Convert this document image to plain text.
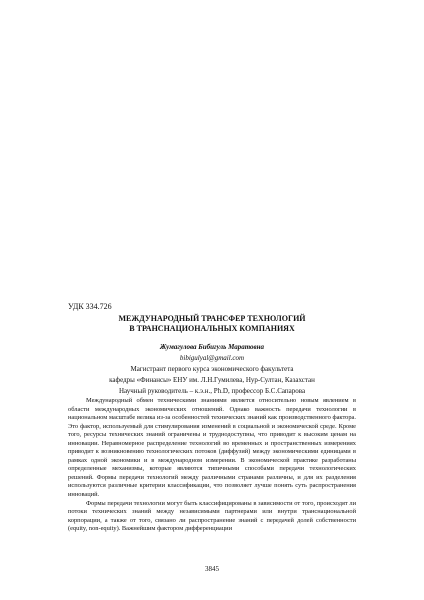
УДК 334.726
МЕЖДУНАРОДНЫЙ ТРАНСФЕР ТЕХНОЛОГИЙ
В ТРАНСНАЦИОНАЛЬНЫХ КОМПАНИЯХ
Жумагулова Бибигуль Маратовна
bibigulyal@gmail.com
Магистрант первого курса экономического факультета
кафедры «Финансы» ЕНУ им. Л.Н.Гумилева, Нур-Султан, Казахстан
Научный руководитель – к.э.н., Ph.D, профессор Б.С.Сапарова

Международный обмен техническими знаниями является относительно новым явлением в области международных экономических отношений. Однако важность передачи технологии в национальном масштабе велика из-за особенностей технических знаний как производственного фактора. Это фактор, используемый для стимулирования изменений в социальной и экономической среде. Кроме того, ресурсы технических знаний ограничены и труднодоступны, что приводит к высоким ценам на инновации. Неравномерное распределение технологий во временных и пространственных измерениях приводит к возникновению технологических потоков (диффузий) между экономическими единицами в рамках одной экономики и в международном измерении. В экономической практике разработаны определенные механизмы, которые являются типичными способами передачи технологических решений. Формы передачи технологий между различными странами различны, и для их разделения используются различные критерии классификации, что позволяет лучше понять суть распространения инноваций.

Формы передачи технологии могут быть классифицированы в зависимости от того, происходят ли потоки технических знаний между независимыми партнерами или внутри транснациональной корпорации, а также от того, связано ли распространение знаний с передачей долей собственности (equity, non-equity). Важнейшим фактором дифференциации

3845
